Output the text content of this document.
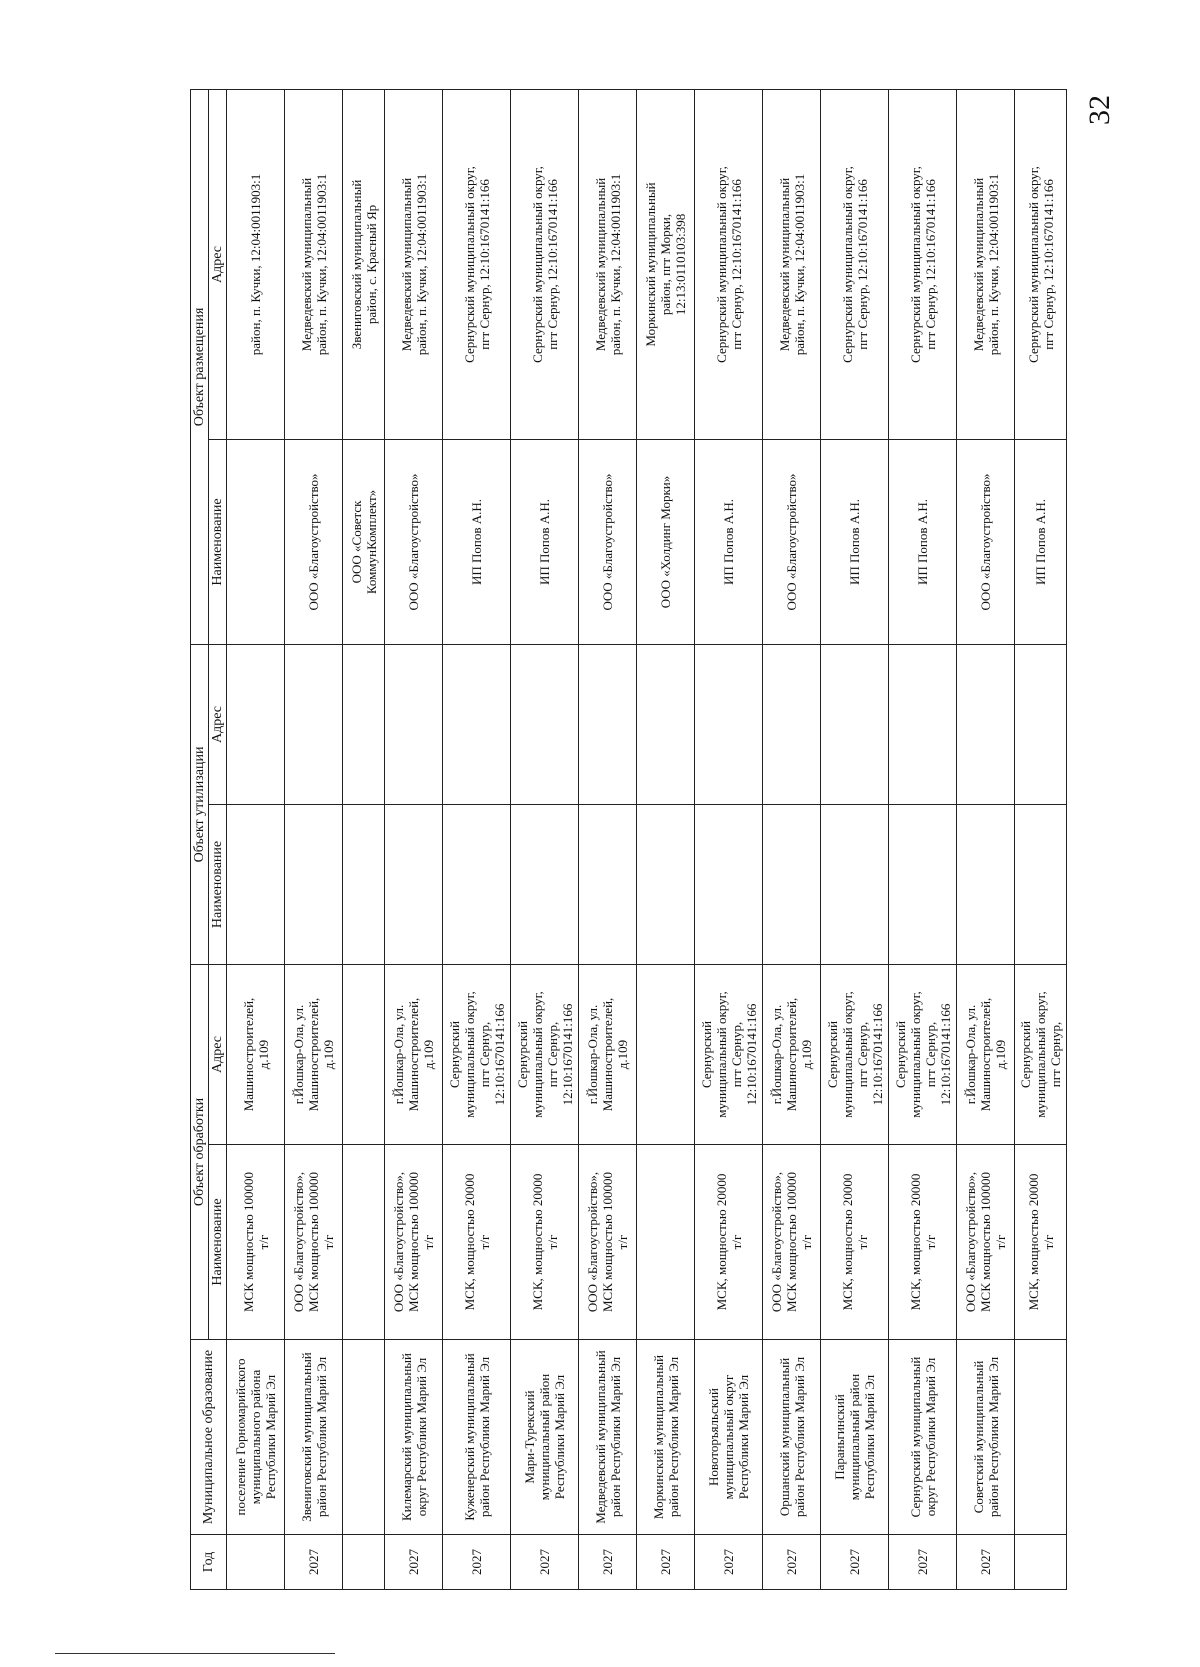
32
Год	Муниципальное образование	Объект обработки		Объект утилизации		Объект размещения	
		Наименование	Адрес	Наименование	Адрес	Наименование	Адрес
	поселение Горномарийского
муниципального района
Республики Марий Эл	МСК мощностью 100000
т/г	Машиностроителей,
д.109				район, п. Кучки, 12:04:0011903:1
2027	Звениговский муниципальный
район Республики Марий Эл	ООО «Благоустройство»,
МСК мощностью 100000
т/г	г.Йошкар-Ола, ул.
Машиностроителей,
д.109			ООО «Благоустройство»	Медведевский муниципальный
район, п. Кучки, 12:04:0011903:1
						ООО «Советск
КоммунКомплект»	Звениговский муниципальный
район, с. Красный Яр
2027	Килемарский муниципальный
округ Республики Марий Эл	ООО «Благоустройство»,
МСК мощностью 100000
т/г	г.Йошкар-Ола, ул.
Машиностроителей,
д.109			ООО «Благоустройство»	Медведевский муниципальный
район, п. Кучки, 12:04:0011903:1
2027	Куженерский муниципальный
район Республики Марий Эл	МСК, мощностью 20000
т/г	Сернурский
муниципальный округ,
пгт Сернур,
12:10:1670141:166			ИП Попов А.Н.	Сернурский муниципальный округ,
пгт Сернур, 12:10:1670141:166
2027	Мари-Турекский
муниципальный район
Республики Марий Эл	МСК, мощностью 20000
т/г	Сернурский
муниципальный округ,
пгт Сернур,
12:10:1670141:166			ИП Попов А.Н.	Сернурский муниципальный округ,
пгт Сернур, 12:10:1670141:166
2027	Медведевский муниципальный
район Республики Марий Эл	ООО «Благоустройство»,
МСК мощностью 100000
т/г	г.Йошкар-Ола, ул.
Машиностроителей,
д.109			ООО «Благоустройство»	Медведевский муниципальный
район, п. Кучки, 12:04:0011903:1
2027	Моркинский муниципальный
район Республики Марий Эл					ООО «Холдинг Морки»	Моркинский муниципальный
район, пгт Морки,
12:13:0110103:398
2027	Новоторъяльский
муниципальный округ
Республики Марий Эл	МСК, мощностью 20000
т/г	Сернурский
муниципальный округ,
пгт Сернур,
12:10:1670141:166			ИП Попов А.Н.	Сернурский муниципальный округ,
пгт Сернур, 12:10:1670141:166
2027	Оршанский муниципальный
район Республики Марий Эл	ООО «Благоустройство»,
МСК мощностью 100000
т/г	г.Йошкар-Ола, ул.
Машиностроителей,
д.109			ООО «Благоустройство»	Медведевский муниципальный
район, п. Кучки, 12:04:0011903:1
2027	Параньгинский
муниципальный район
Республики Марий Эл	МСК, мощностью 20000
т/г	Сернурский
муниципальный округ,
пгт Сернур,
12:10:1670141:166			ИП Попов А.Н.	Сернурский муниципальный округ,
пгт Сернур, 12:10:1670141:166
2027	Сернурский муниципальный
округ Республики Марий Эл	МСК, мощностью 20000
т/г	Сернурский
муниципальный округ,
пгт Сернур,
12:10:1670141:166			ИП Попов А.Н.	Сернурский муниципальный округ,
пгт Сернур, 12:10:1670141:166
2027	Советский муниципальный
район Республики Марий Эл	ООО «Благоустройство»,
МСК мощностью 100000
т/г	г.Йошкар-Ола, ул.
Машиностроителей,
д.109			ООО «Благоустройство»	Медведевский муниципальный
район, п. Кучки, 12:04:0011903:1
		МСК, мощностью 20000
т/г	Сернурский
муниципальный округ,
пгт Сернур,			ИП Попов А.Н.	Сернурский муниципальный округ,
пгт Сернур, 12:10:1670141:166
